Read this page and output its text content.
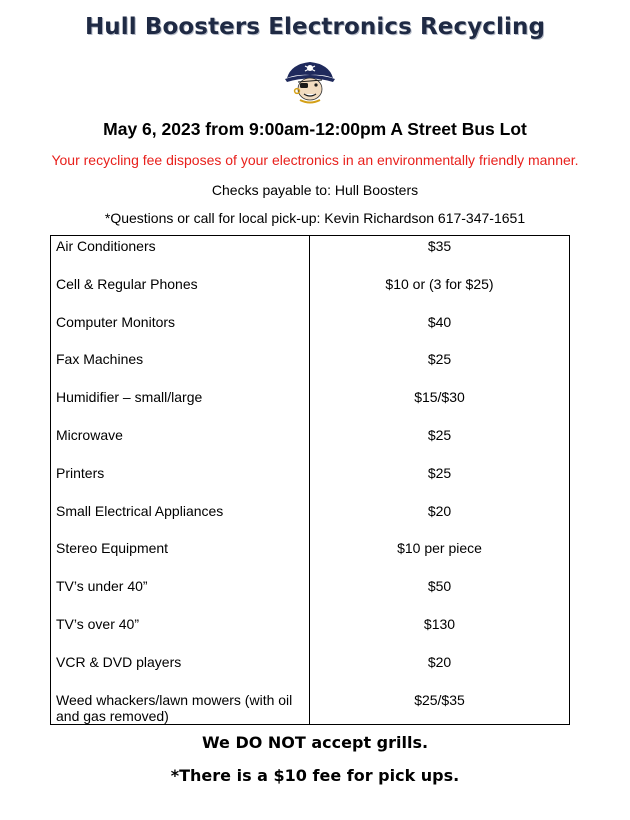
Hull Boosters Electronics Recycling
May 6, 2023 from 9:00am-12:00pm A Street Bus Lot
Your recycling fee disposes of your electronics in an environmentally friendly manner.
Checks payable to: Hull Boosters
*Questions or call for local pick-up: Kevin Richardson 617-347-1651
Air Conditioners	$35

Cell & Regular Phones	$10 or (3 for $25)

Computer Monitors	$40

Fax Machines	$25

Humidifier – small/large	$15/$30

Microwave	$25

Printers	$25

Small Electrical Appliances	$20

Stereo Equipment	$10 per piece

TV’s under 40”	$50

TV’s over 40”	$130

VCR & DVD players	$20

Weed whackers/lawn mowers (with oil and gas removed)	$25/$35
We DO NOT accept grills.
*There is a $10 fee for pick ups.
